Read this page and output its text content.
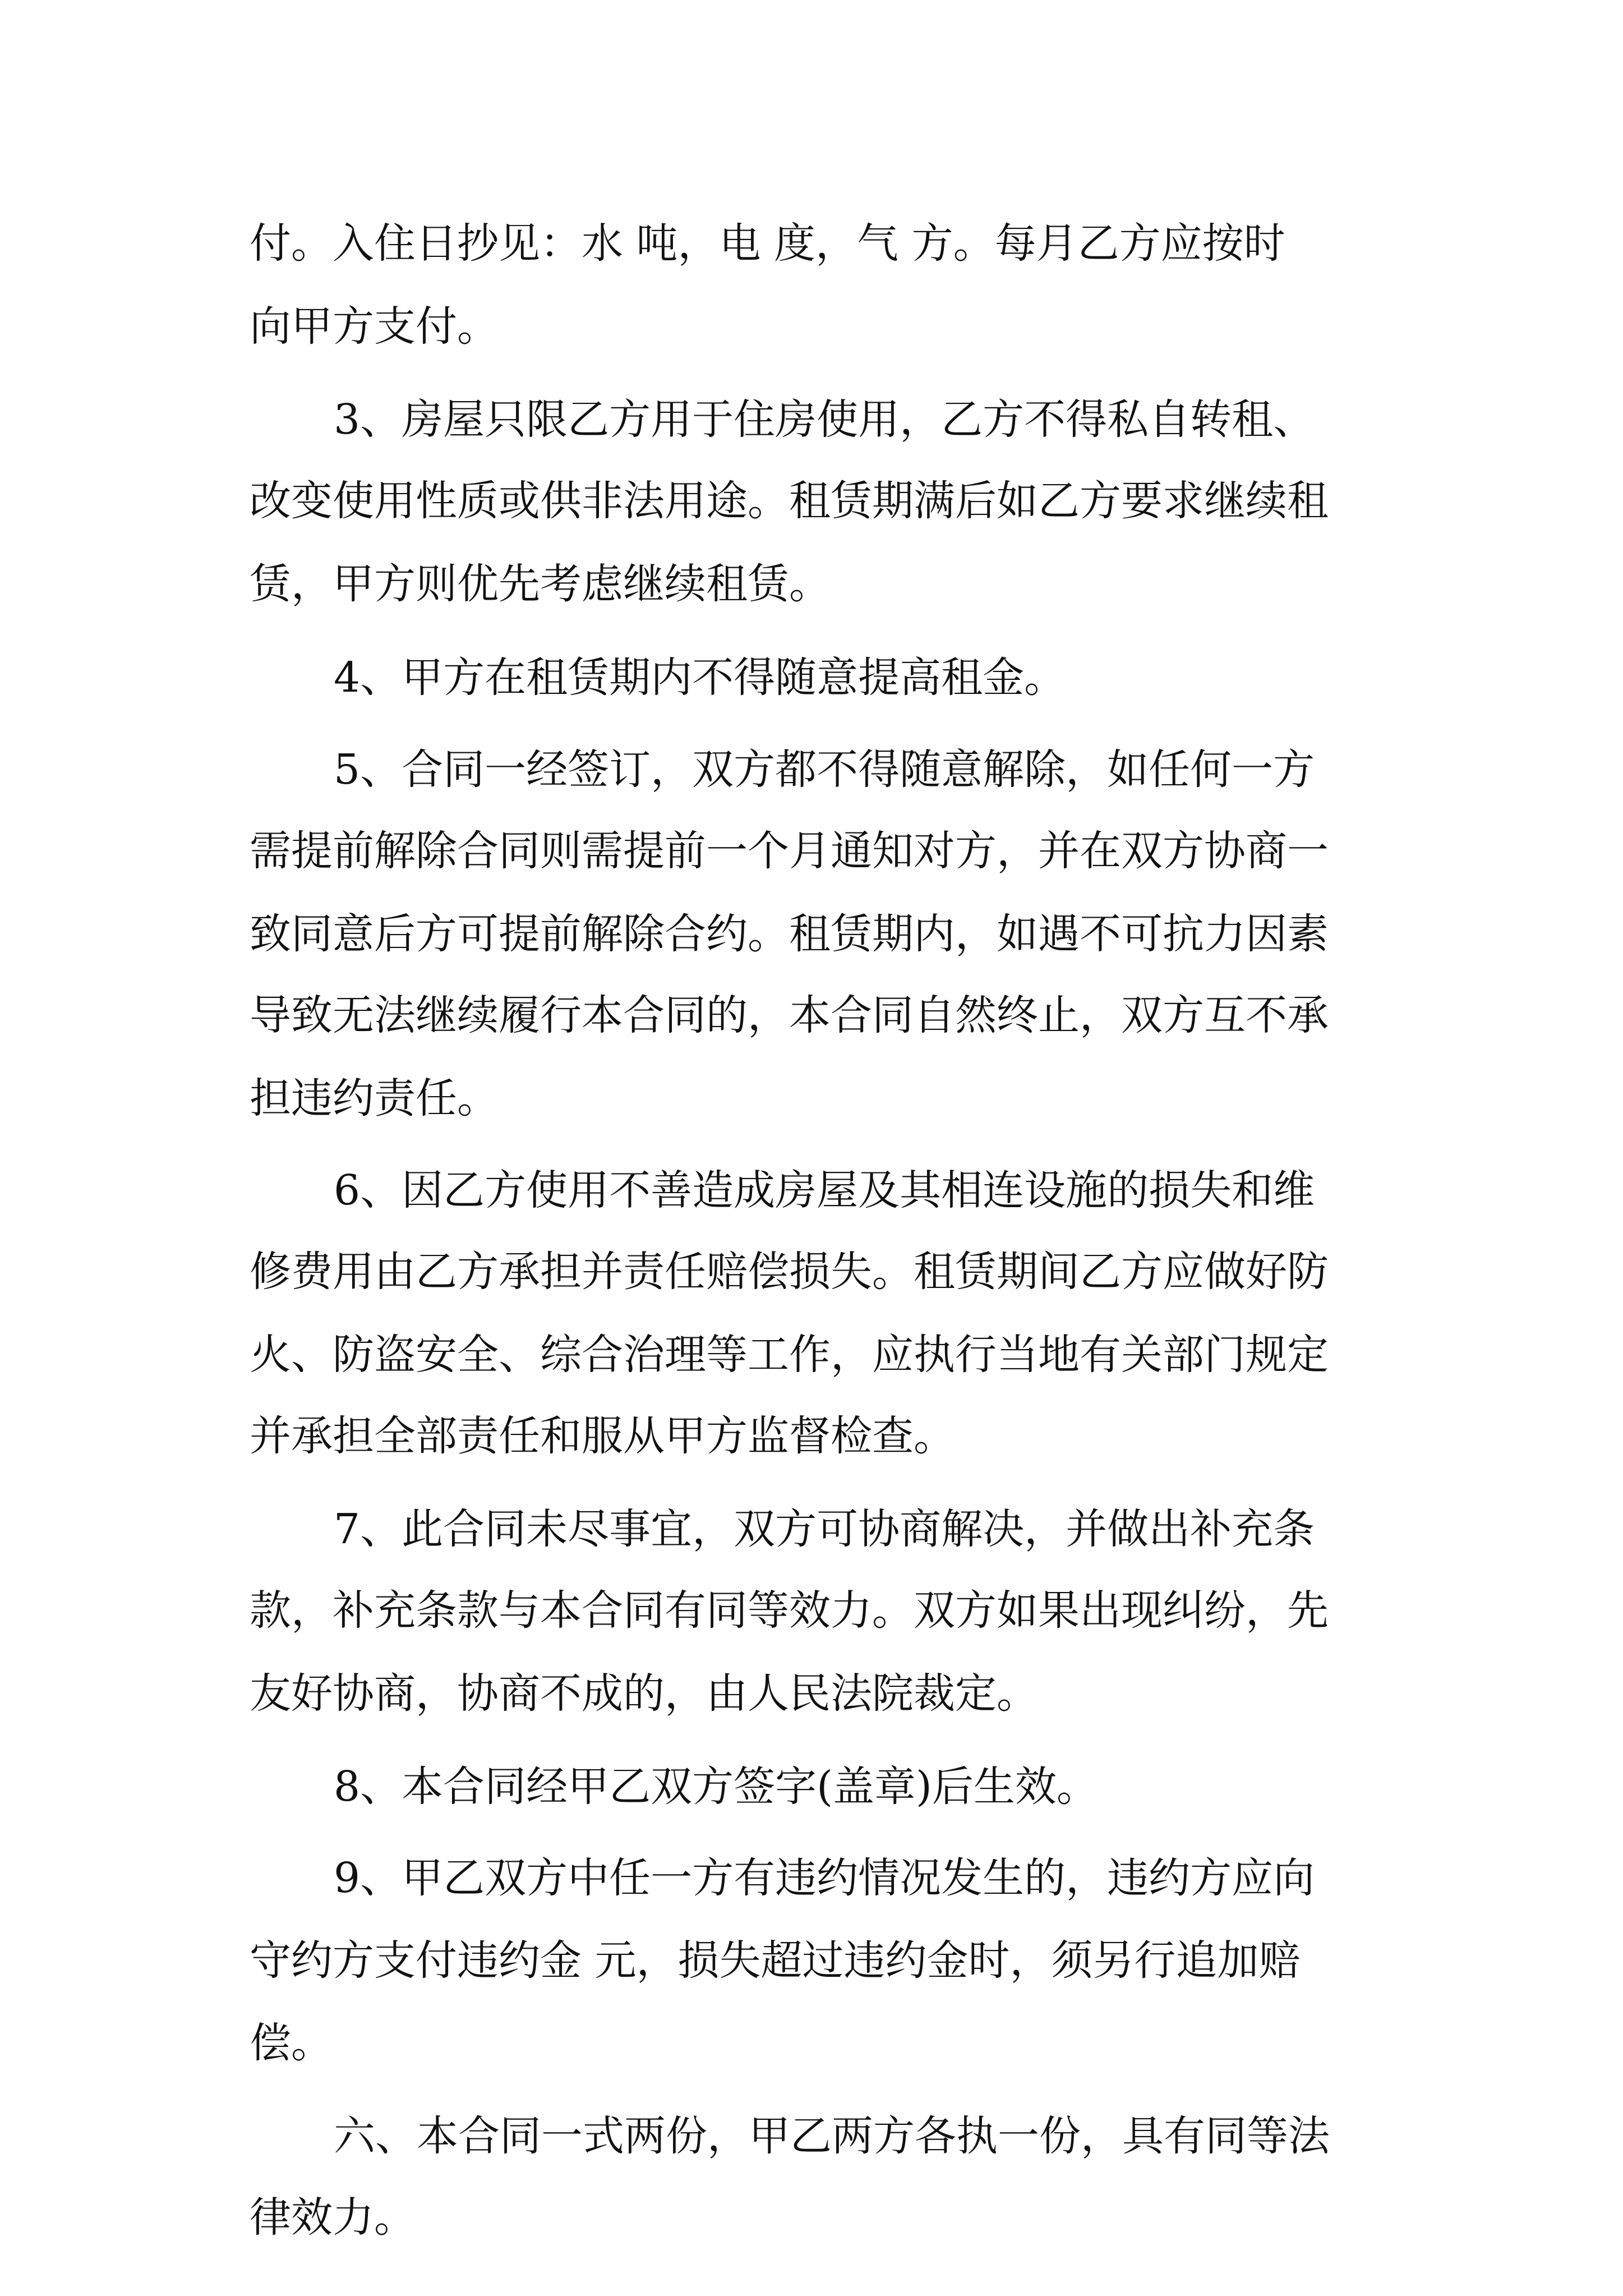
付。入住日抄见：水 吨，电 度，气 方。每月乙方应按时
向甲方支付。
3、房屋只限乙方用于住房使用，乙方不得私自转租、
改变使用性质或供非法用途。租赁期满后如乙方要求继续租
赁，甲方则优先考虑继续租赁。
4、甲方在租赁期内不得随意提高租金。
5、合同一经签订，双方都不得随意解除，如任何一方
需提前解除合同则需提前一个月通知对方，并在双方协商一
致同意后方可提前解除合约。租赁期内，如遇不可抗力因素
导致无法继续履行本合同的，本合同自然终止，双方互不承
担违约责任。
6、因乙方使用不善造成房屋及其相连设施的损失和维
修费用由乙方承担并责任赔偿损失。租赁期间乙方应做好防
火、防盗安全、综合治理等工作，应执行当地有关部门规定
并承担全部责任和服从甲方监督检查。
7、此合同未尽事宜，双方可协商解决，并做出补充条
款，补充条款与本合同有同等效力。双方如果出现纠纷，先
友好协商，协商不成的，由人民法院裁定。
8、本合同经甲乙双方签字(盖章)后生效。
9、甲乙双方中任一方有违约情况发生的，违约方应向
守约方支付违约金 元，损失超过违约金时，须另行追加赔
偿。
六、本合同一式两份，甲乙两方各执一份，具有同等法
律效力。
